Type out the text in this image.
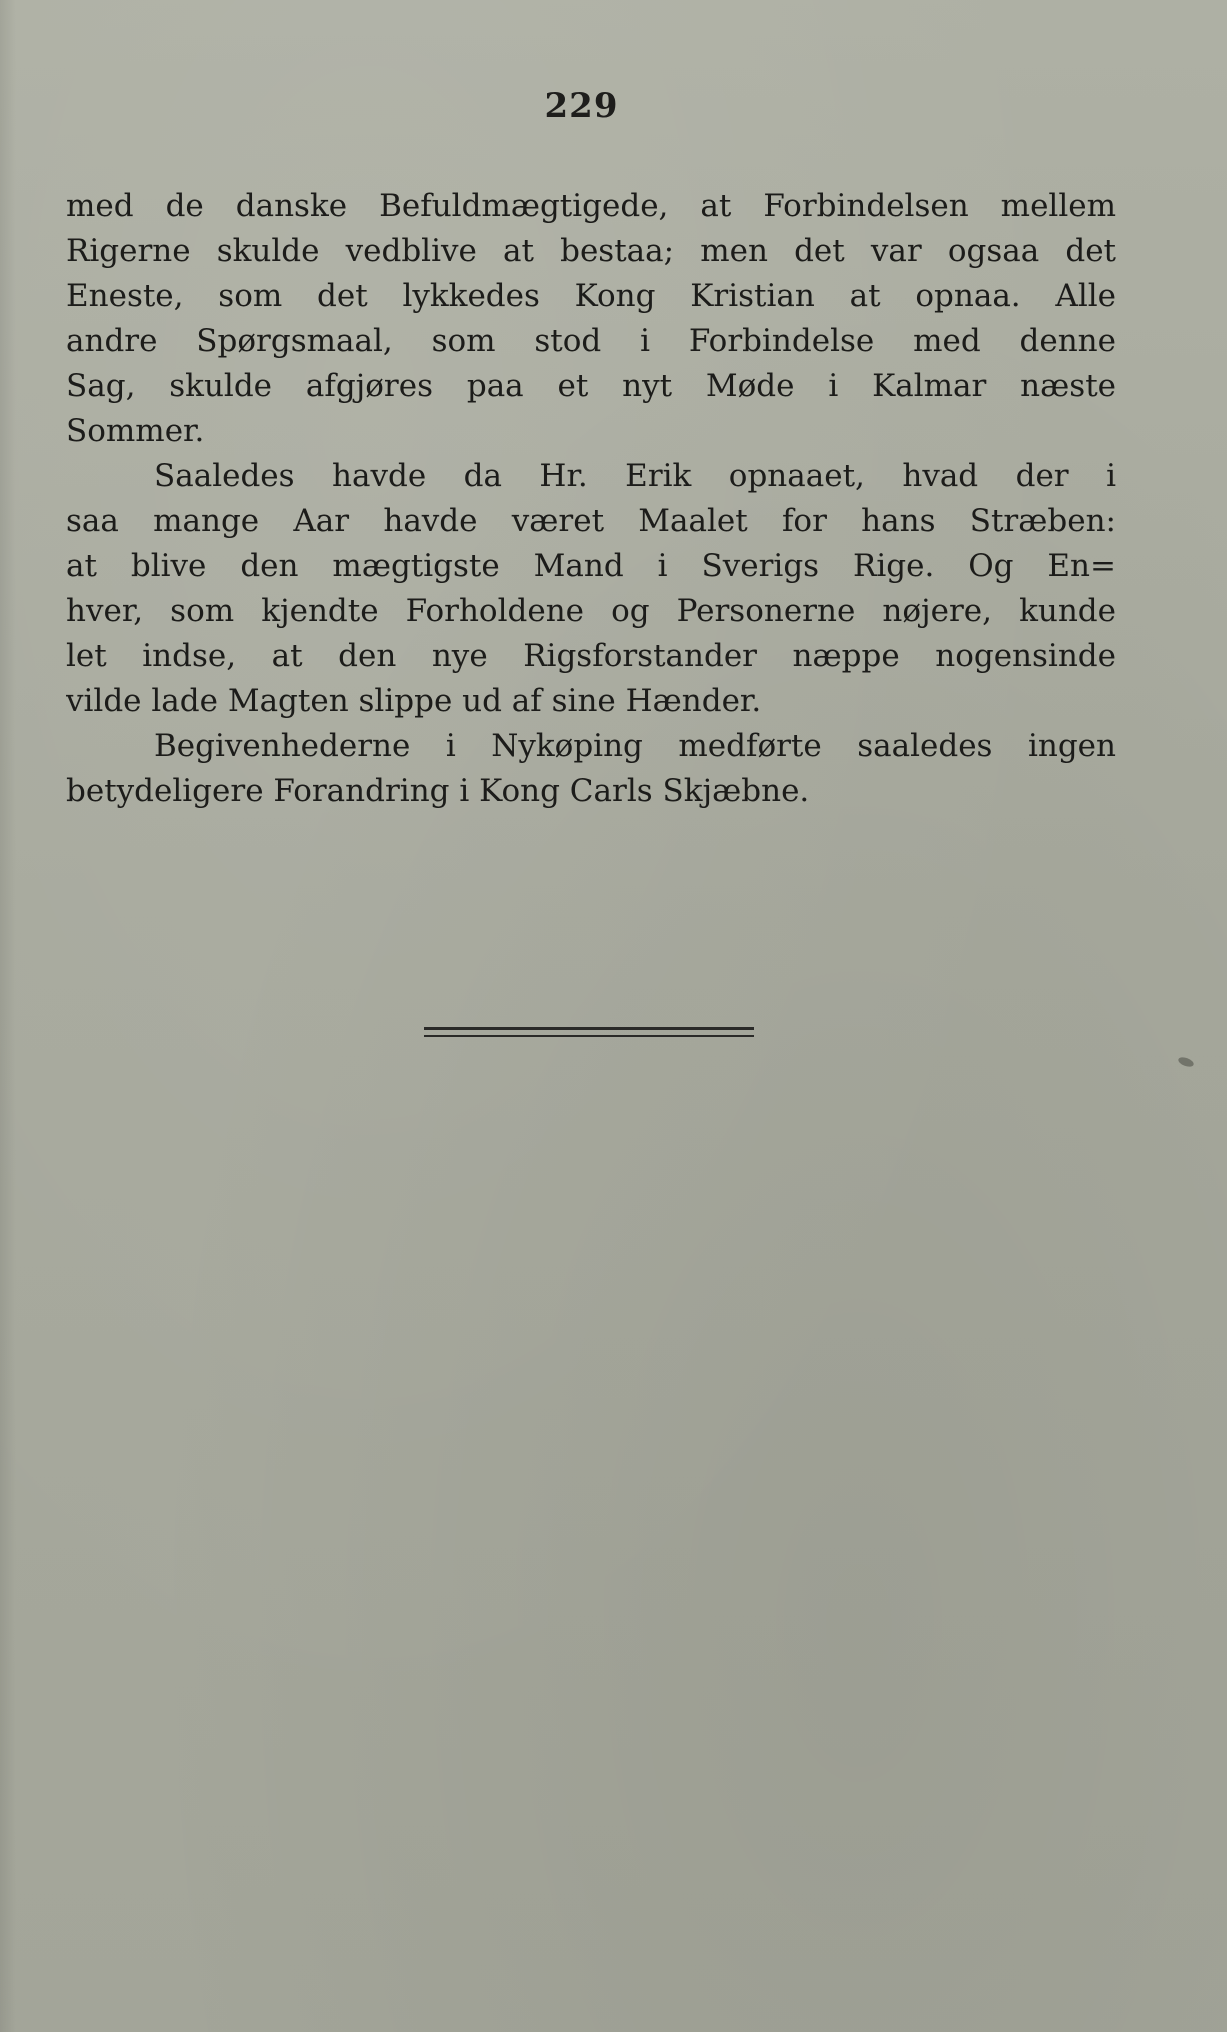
229
med de danske Befuldmægtigede, at Forbindelsen mellem
Rigerne skulde vedblive at bestaa; men det var ogsaa det
Eneste, som det lykkedes Kong Kristian at opnaa. Alle
andre Spørgsmaal, som stod i Forbindelse med denne
Sag, skulde afgjøres paa et nyt Møde i Kalmar næste
Sommer.
Saaledes havde da Hr. Erik opnaaet, hvad der i
saa mange Aar havde været Maalet for hans Stræben:
at blive den mægtigste Mand i Sverigs Rige. Og En=
hver, som kjendte Forholdene og Personerne nøjere, kunde
let indse, at den nye Rigsforstander næppe nogensinde
vilde lade Magten slippe ud af sine Hænder.
Begivenhederne i Nykøping medførte saaledes ingen
betydeligere Forandring i Kong Carls Skjæbne.
